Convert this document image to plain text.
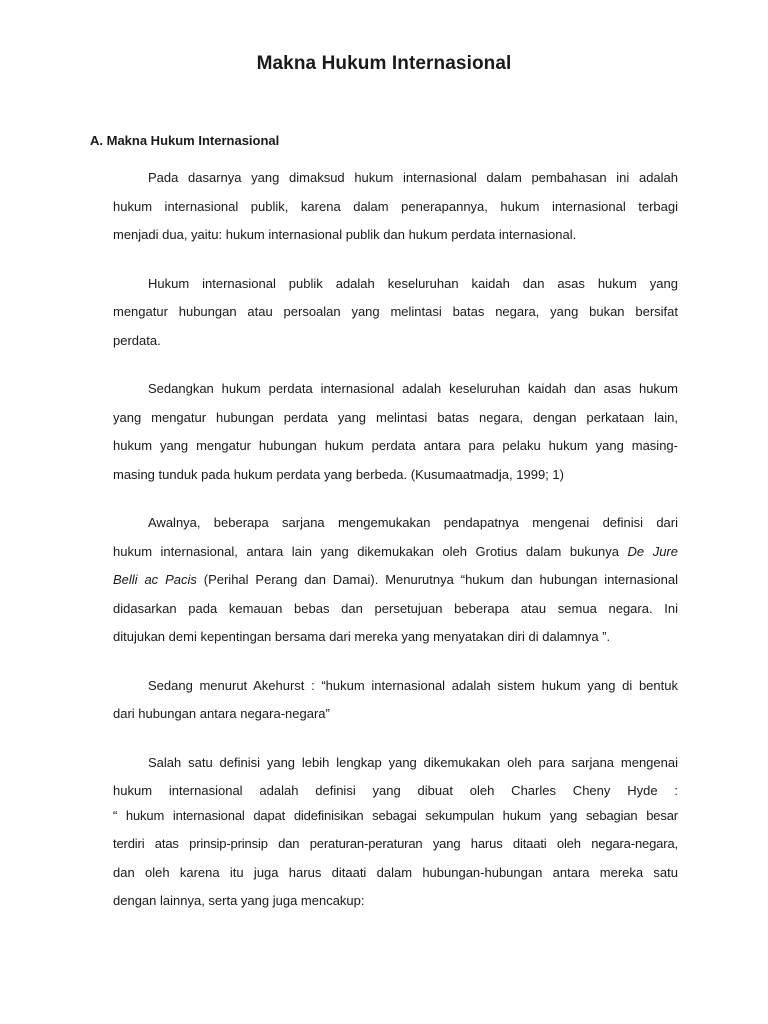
Makna Hukum Internasional
A. Makna Hukum Internasional

Pada dasarnya yang dimaksud hukum internasional dalam pembahasan ini adalah
hukum internasional publik, karena dalam penerapannya, hukum internasional terbagi
menjadi dua, yaitu: hukum internasional publik dan hukum perdata internasional.

Hukum internasional publik adalah keseluruhan kaidah dan asas hukum yang
mengatur hubungan atau persoalan yang melintasi batas negara, yang bukan bersifat
perdata.

Sedangkan hukum perdata internasional adalah keseluruhan kaidah dan asas hukum
yang mengatur hubungan perdata yang melintasi batas negara, dengan perkataan lain,
hukum yang mengatur hubungan hukum perdata antara para pelaku hukum yang masing-
masing tunduk pada hukum perdata yang berbeda. (Kusumaatmadja, 1999; 1)

Awalnya, beberapa sarjana mengemukakan pendapatnya mengenai definisi dari
hukum internasional, antara lain yang dikemukakan oleh Grotius dalam bukunya De Jure
Belli ac Pacis (Perihal Perang dan Damai). Menurutnya “hukum dan hubungan internasional
didasarkan pada kemauan bebas dan persetujuan beberapa atau semua negara. Ini
ditujukan demi kepentingan bersama dari mereka yang menyatakan diri di dalamnya ”.

Sedang menurut Akehurst : “hukum internasional adalah sistem hukum yang di bentuk
dari hubungan antara negara-negara”

Salah satu definisi yang lebih lengkap yang dikemukakan oleh para sarjana mengenai
hukum internasional adalah definisi yang dibuat oleh Charles Cheny Hyde :

“ hukum internasional dapat didefinisikan sebagai sekumpulan hukum yang sebagian besar
terdiri atas prinsip-prinsip dan peraturan-peraturan yang harus ditaati oleh negara-negara,
dan oleh karena itu juga harus ditaati dalam hubungan-hubungan antara mereka satu
dengan lainnya, serta yang juga mencakup:
